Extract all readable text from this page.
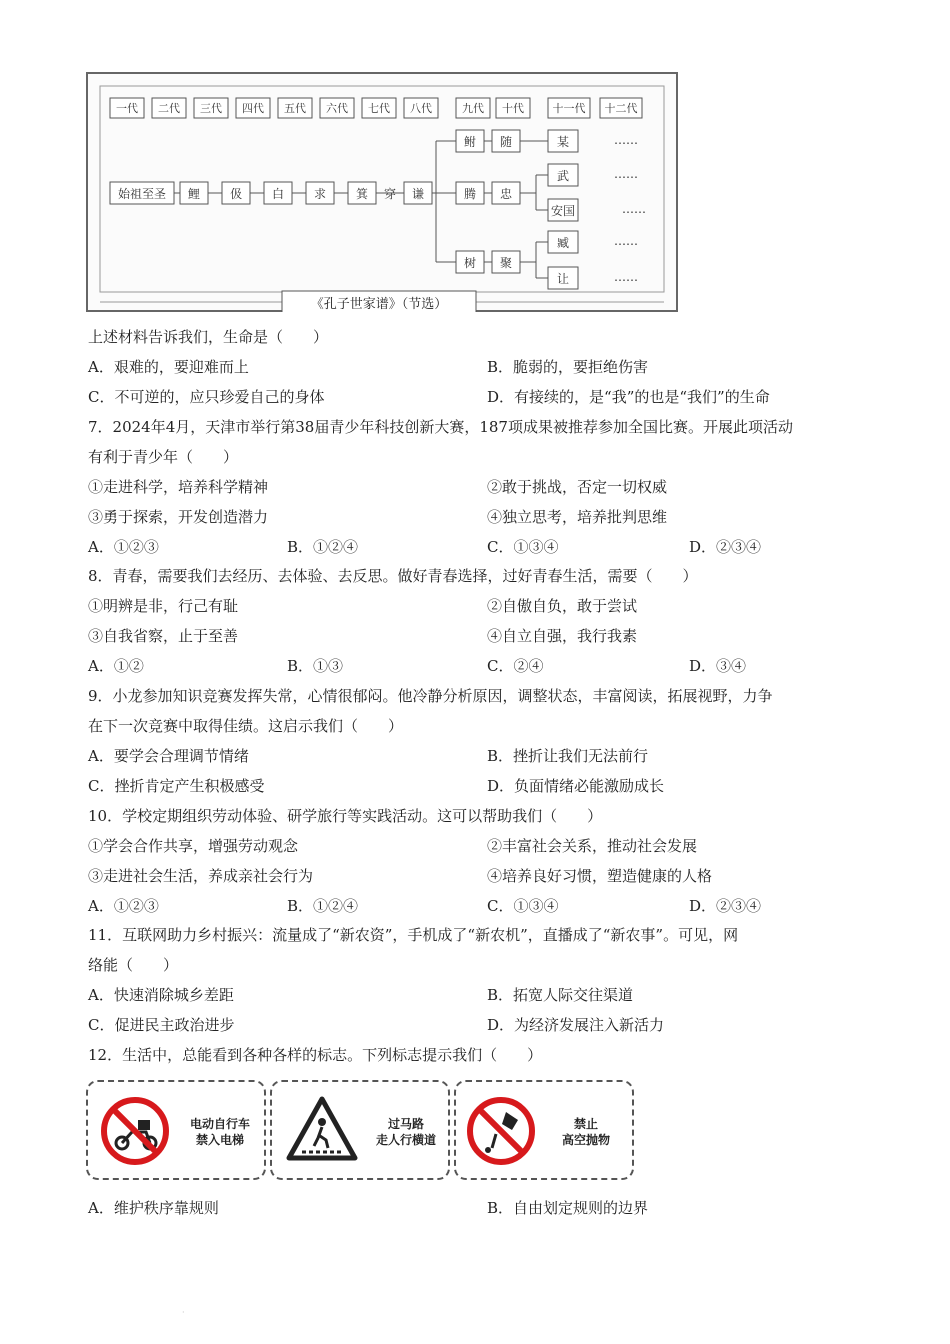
一代 二代 三代 四代 五代 六代 七代 八代	九代 十代	十一代 十二代
始祖至圣 鲤 伋 白 求 箕 穿 谦
鲋 随	某
腾 忠
武
安国
树 聚
臧
让
……
……
……
……
……
《孔子世家谱》（节选）
上述材料告诉我们，生命是（　　）
A．艰难的，要迎难而上	B．脆弱的，要拒绝伤害
C．不可逆的，应只珍爱自己的身体	D．有接续的，是“我”的也是“我们”的生命
7．2024年4月，天津市举行第38届青少年科技创新大赛，187项成果被推荐参加全国比赛。开展此项活动
有利于青少年（　　）
①走进科学，培养科学精神	②敢于挑战，否定一切权威
③勇于探索，开发创造潜力	④独立思考，培养批判思维
A．①②③	B．①②④	C．①③④	D．②③④
8．青春，需要我们去经历、去体验、去反思。做好青春选择，过好青春生活，需要（　　）
①明辨是非，行己有耻	②自傲自负，敢于尝试
③自我省察，止于至善	④自立自强，我行我素
A．①②	B．①③	C．②④	D．③④
9．小龙参加知识竞赛发挥失常，心情很郁闷。他冷静分析原因，调整状态，丰富阅读，拓展视野，力争
在下一次竞赛中取得佳绩。这启示我们（　　）
A．要学会合理调节情绪	B．挫折让我们无法前行
C．挫折肯定产生积极感受	D．负面情绪必能激励成长
10．学校定期组织劳动体验、研学旅行等实践活动。这可以帮助我们（　　）
①学会合作共享，增强劳动观念	②丰富社会关系，推动社会发展
③走进社会生活，养成亲社会行为	④培养良好习惯，塑造健康的人格
A．①②③	B．①②④	C．①③④	D．②③④
11．互联网助力乡村振兴：流量成了“新农资”，手机成了“新农机”，直播成了“新农事”。可见，网
络能（　　）
A．快速消除城乡差距	B．拓宽人际交往渠道
C．促进民主政治进步	D．为经济发展注入新活力
12．生活中，总能看到各种各样的标志。下列标志提示我们（　　）
电动自行车
禁入电梯
过马路
走人行横道
禁止
高空抛物
A．维护秩序靠规则	B．自由划定规则的边界
·
